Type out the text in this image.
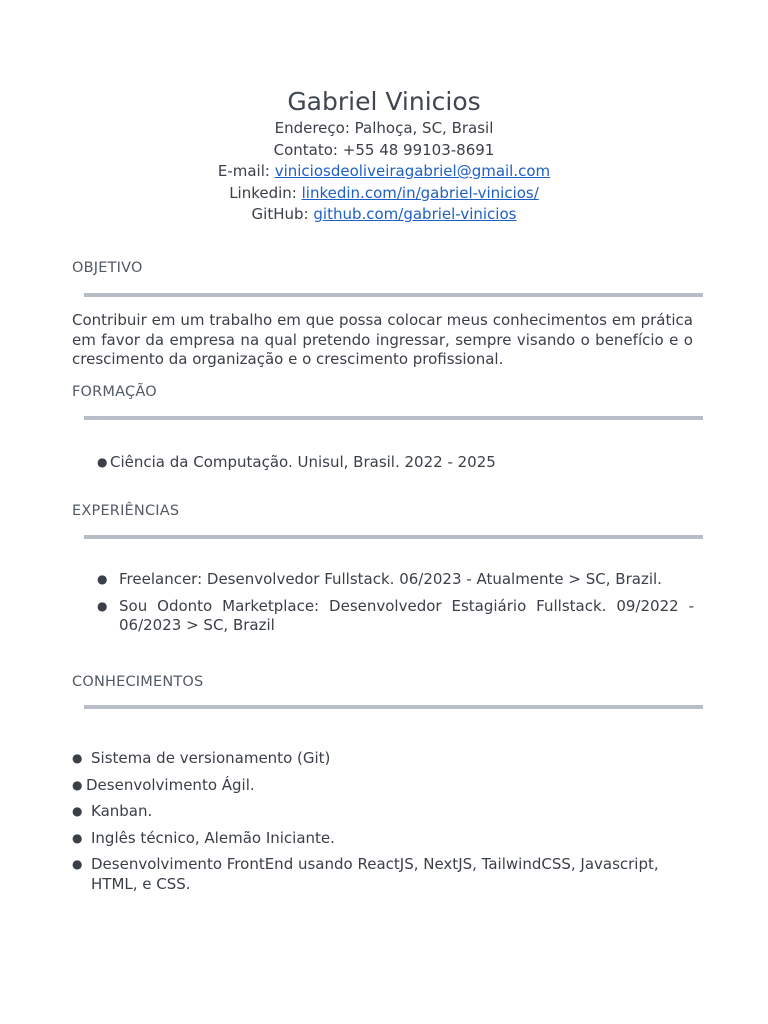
Gabriel Vinicios
Endereço: Palhoça, SC, Brasil
Contato: +55 48 99103-8691
E-mail: viniciosdeoliveiragabriel@gmail.com
Linkedin: linkedin.com/in/gabriel-vinicios/
GitHub: github.com/gabriel-vinicios
OBJETIVO
Contribuir em um trabalho em que possa colocar meus conhecimentos em prática em favor da empresa na qual pretendo ingressar, sempre visando o benefício e o crescimento da organização e o crescimento profissional.
FORMAÇÃO
● Ciência da Computação. Unisul, Brasil. 2022 - 2025
EXPERIÊNCIAS
● Freelancer: Desenvolvedor Fullstack. 06/2023 - Atualmente > SC, Brazil.
● Sou Odonto Marketplace: Desenvolvedor Estagiário Fullstack. 09/2022 - 06/2023 > SC, Brazil
CONHECIMENTOS
● Sistema de versionamento (Git)
● Desenvolvimento Ágil.
● Kanban.
● Inglês técnico, Alemão Iniciante.
● Desenvolvimento FrontEnd usando ReactJS, NextJS, TailwindCSS, Javascript, HTML, e CSS.
